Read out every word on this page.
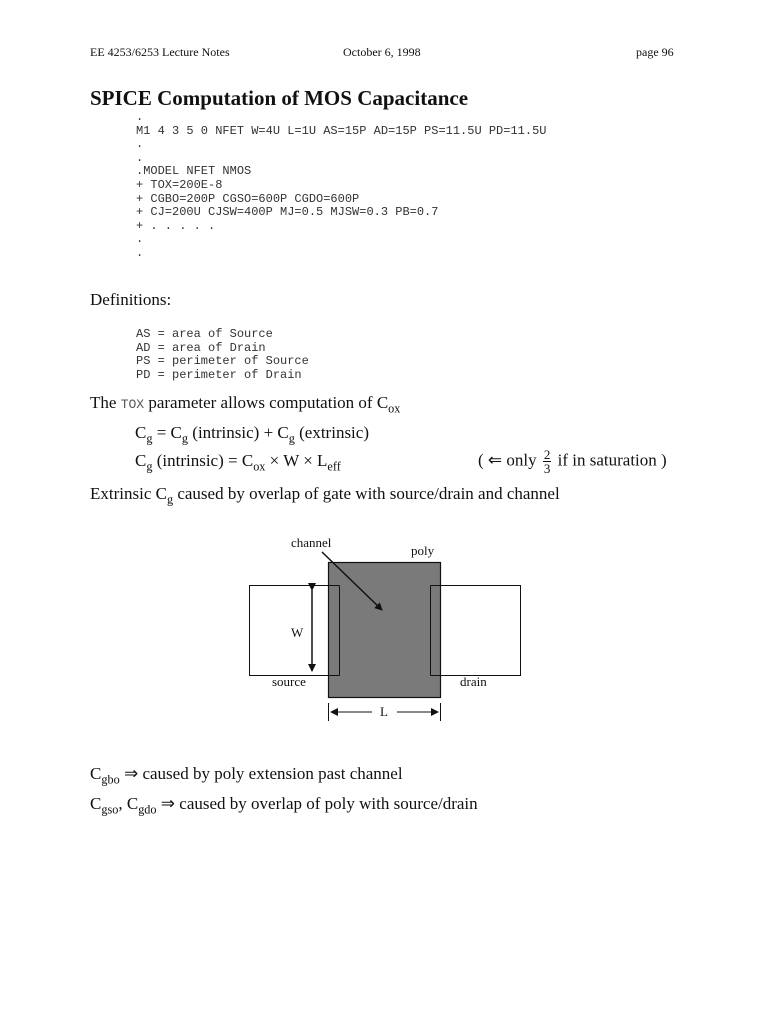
EE 4253/6253 Lecture Notes	October 6, 1998	page 96
SPICE Computation of MOS Capacitance
.
M1 4 3 5 0 NFET W=4U L=1U AS=15P AD=15P PS=11.5U PD=11.5U
.
.
.MODEL NFET NMOS
+ TOX=200E-8
+ CGBO=200P CGSO=600P CGDO=600P
+ CJ=200U CJSW=400P MJ=0.5 MJSW=0.3 PB=0.7
+ . . . . .
.
.
Definitions:
AS = area of Source
AD = area of Drain
PS = perimeter of Source
PD = perimeter of Drain
The TOX parameter allows computation of $C_{ox}$
$C_g = C_g$ (intrinsic) + $C_g$ (extrinsic)
$C_g$ (intrinsic) = $C_{ox} \times W \times L_{eff}$	( ⇐ only $\frac{2}{3}$ if in saturation )
Extrinsic $C_g$ caused by overlap of gate with source/drain and channel
channel
poly
W
source	drain
L
$C_{gbo}$ ⇒ caused by poly extension past channel
$C_{gso}$, $C_{gdo}$ ⇒ caused by overlap of poly with source/drain
